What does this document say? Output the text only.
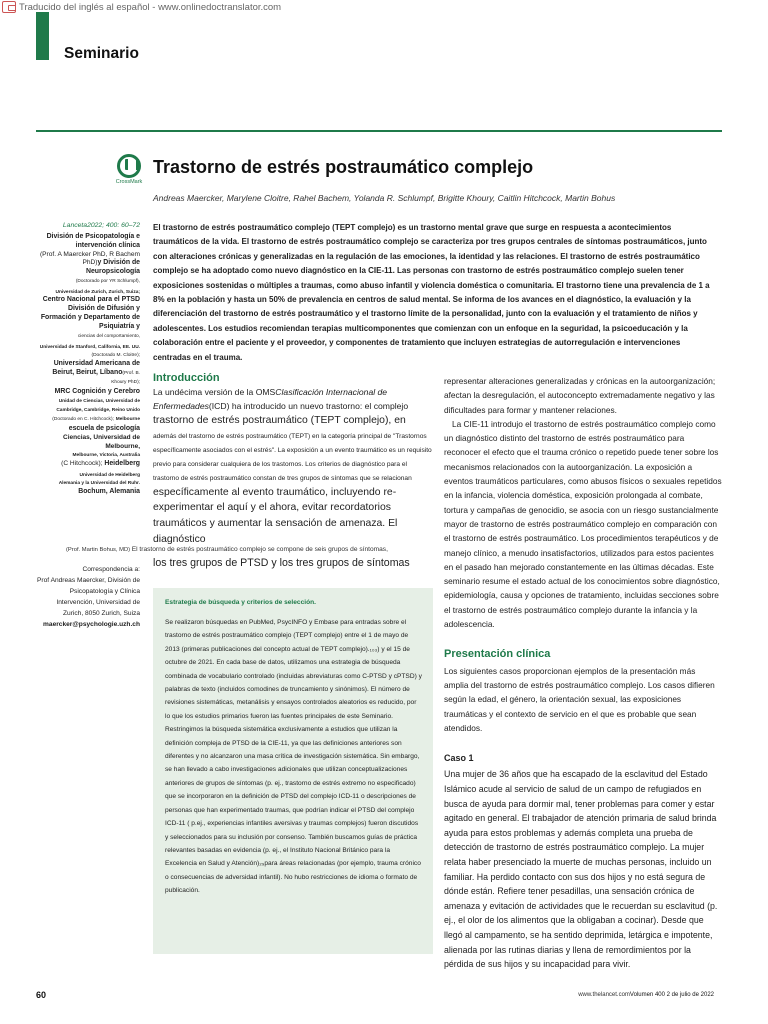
Traducido del inglés al español - www.onlinedoctranslator.com
Seminario
CrossMark
Trastorno de estrés postraumático complejo
Andreas Maercker, Marylene Cloitre, Rahel Bachem, Yolanda R. Schlumpf, Brigitte Khoury, Caitlin Hitchcock, Martin Bohus

Lanceta2022; 400: 60–72

División de Psicopatología e intervención clínica
(Prof. A Maercker PhD, R Bachem PhD)y División de Neuropsicología
(Doctorado por YR Schlumpf),

Universidad de Zurich, Zurich, Suiza;
Centro Nacional para el PTSD División de Difusión y
Formación y Departamento de Psiquiatría y
ciencias del comportamiento,

Universidad de Stanford, California, EE. UU.
(Doctorado M. Cloitre);
Universidad Americana de Beirut, Beirut, Líbano(Prof. B. Khoury PhD);

MRC Cognición y Cerebro
Unidad de Ciencias, Universidad de Cambridge, Cambridge, Reino Unido
(Doctorado en C. Hitchcock); Melbourne

escuela de psicología
Ciencias, Universidad de Melbourne,
Melbourne, Victoria, Australia
(C Hitchcock); Heidelberg

Universidad de Heidelberg
Alemania y la Universidad del Ruhr.
Bochum, Alemania

El trastorno de estrés postraumático complejo (TEPT complejo) es un trastorno mental grave que surge en respuesta a acontecimientos traumáticos de la vida. El trastorno de estrés postraumático complejo se caracteriza por tres grupos centrales de síntomas postraumáticos, junto con alteraciones crónicas y generalizadas en la regulación de las emociones, la identidad y las relaciones. El trastorno de estrés postraumático complejo se ha adoptado como nuevo diagnóstico en la CIE-11. Las personas con trastorno de estrés postraumático complejo suelen tener exposiciones sostenidas o múltiples a traumas, como abuso infantil y violencia doméstica o comunitaria. El trastorno tiene una prevalencia de 1 a 8% en la población y hasta un 50% de prevalencia en centros de salud mental. Se informa de los avances en el diagnóstico, la evaluación y la diferenciación del trastorno de estrés postraumático y el trastorno límite de la personalidad, junto con la evaluación y el tratamiento de niños y adolescentes. Los estudios recomiendan terapias multicomponentes que comienzan con un enfoque en la seguridad, la psicoeducación y la colaboración entre el paciente y el proveedor, y componentes de tratamiento que incluyen estrategias de autorregulación e intervenciones centradas en el trauma.
Introducción
La undécima versión de la OMSClasificación Internacional de Enfermedades(ICD) ha introducido un nuevo trastorno: el complejo
trastorno de estrés postraumático (TEPT complejo), en
además del trastorno de estrés postraumático (TEPT) en la categoría principal de "Trastornos específicamente asociados con el estrés". La exposición a un evento traumático es un requisito previo para considerar cualquiera de los trastornos. Los criterios de diagnóstico para el trastorno de estrés postraumático constan de tres grupos de síntomas que se relacionan
específicamente al evento traumático, incluyendo re-experimentar el aquí y el ahora, evitar recordatorios traumáticos y aumentar la sensación de amenaza. El diagnóstico
(Prof. Martin Bohus, MD) El trastorno de estrés postraumático complejo se compone de seis grupos de síntomas,
los tres grupos de PTSD y los tres grupos de síntomas
Correspondencia a:
Prof Andreas Maercker, División de Psicopatología y Clínica Intervención, Universidad de Zurich, 8050 Zurich, Suiza
maercker@psychologie.uzh.ch
Estrategia de búsqueda y criterios de selección.
Se realizaron búsquedas en PubMed, PsycINFO y Embase para entradas sobre el trastorno de estrés postraumático complejo (TEPT complejo) entre el 1 de mayo de 2013 (primeras publicaciones del concepto actual de TEPT complejo).₁₀₃) y el 15 de octubre de 2021. En cada base de datos, utilizamos una estrategia de búsqueda combinada de vocabulario controlado (incluidas abreviaturas como C-PTSD y cPTSD) y palabras de texto (incluidos comodines de truncamiento y sinónimos). El número de revisiones sistemáticas, metanálisis y ensayos controlados aleatorios es reducido, por lo que los estudios primarios fueron las fuentes principales de este Seminario. Restringimos la búsqueda sistemática exclusivamente a estudios que utilizan la definición compleja de PTSD de la CIE-11, ya que las definiciones anteriores son diferentes y no alcanzaron una masa crítica de investigación sistemática. Sin embargo, se han llevado a cabo investigaciones adicionales que utilizan conceptualizaciones anteriores de grupos de síntomas (p. ej., trastorno de estrés extremo no especificado) que se incorporaron en la definición de PTSD del complejo ICD-11 o descripciones de personas que han experimentado traumas, que podrían indicar el PTSD del complejo ICD-11 ( p.ej., experiencias infantiles aversivas y traumas complejos) fueron discutidos y seleccionados para su inclusión por consenso. También buscamos guías de práctica relevantes basadas en evidencia (p. ej., el Instituto Nacional Británico para la Excelencia en Salud y Atención)₂₉para áreas relacionadas (por ejemplo, trauma crónico o consecuencias de adversidad infantil). No hubo restricciones de idioma o formato de publicación.

representar alteraciones generalizadas y crónicas en la autoorganización; afectan la desregulación, el autoconcepto extremadamente negativo y las dificultades para formar y mantener relaciones.

La CIE-11 introdujo el trastorno de estrés postraumático complejo como un diagnóstico distinto del trastorno de estrés postraumático para reconocer el efecto que el trauma crónico o repetido puede tener sobre los mecanismos relacionados con la autoorganización. La exposición a eventos traumáticos particulares, como abusos físicos o sexuales repetidos en la infancia, violencia doméstica, exposición prolongada al combate, tortura y campañas de genocidio, se asocia con un riesgo sustancialmente mayor de trastorno de estrés postraumático complejo en comparación con el trastorno de estrés postraumático. Los procedimientos terapéuticos y de manejo clínico, a menudo insatisfactorios, utilizados para estos pacientes en el pasado han mejorado constantemente en las últimas décadas. Este seminario resume el estado actual de los conocimientos sobre diagnóstico, epidemiología, causa y opciones de tratamiento, incluidas secciones sobre el trastorno de estrés postraumático complejo durante la infancia y la adolescencia.

Presentación clínica

Los siguientes casos proporcionan ejemplos de la presentación más amplia del trastorno de estrés postraumático complejo. Los casos difieren según la edad, el género, la orientación sexual, las exposiciones traumáticas y el contexto de servicio en el que es probable que sean atendidos.

Caso 1

Una mujer de 36 años que ha escapado de la esclavitud del Estado Islámico acude al servicio de salud de un campo de refugiados en busca de ayuda para dormir mal, tener problemas para comer y estar agitado en general. El trabajador de atención primaria de salud brinda ayuda para estos problemas y además completa una prueba de detección de trastorno de estrés postraumático complejo. La mujer relata haber presenciado la muerte de muchas personas, incluido un familiar. Ha perdido contacto con sus dos hijos y no está segura de dónde están. Refiere tener pesadillas, una sensación crónica de amenaza y evitación de actividades que le recuerdan su esclavitud (p. ej., el olor de los alimentos que la obligaban a cocinar). Desde que llegó al campamento, se ha sentido deprimida, letárgica e impotente, alienada por las rutinas diarias y llena de remordimientos por la pérdida de sus hijos y su incapacidad para vivir.

60	www.thelancet.comVolumen 400 2 de julio de 2022
